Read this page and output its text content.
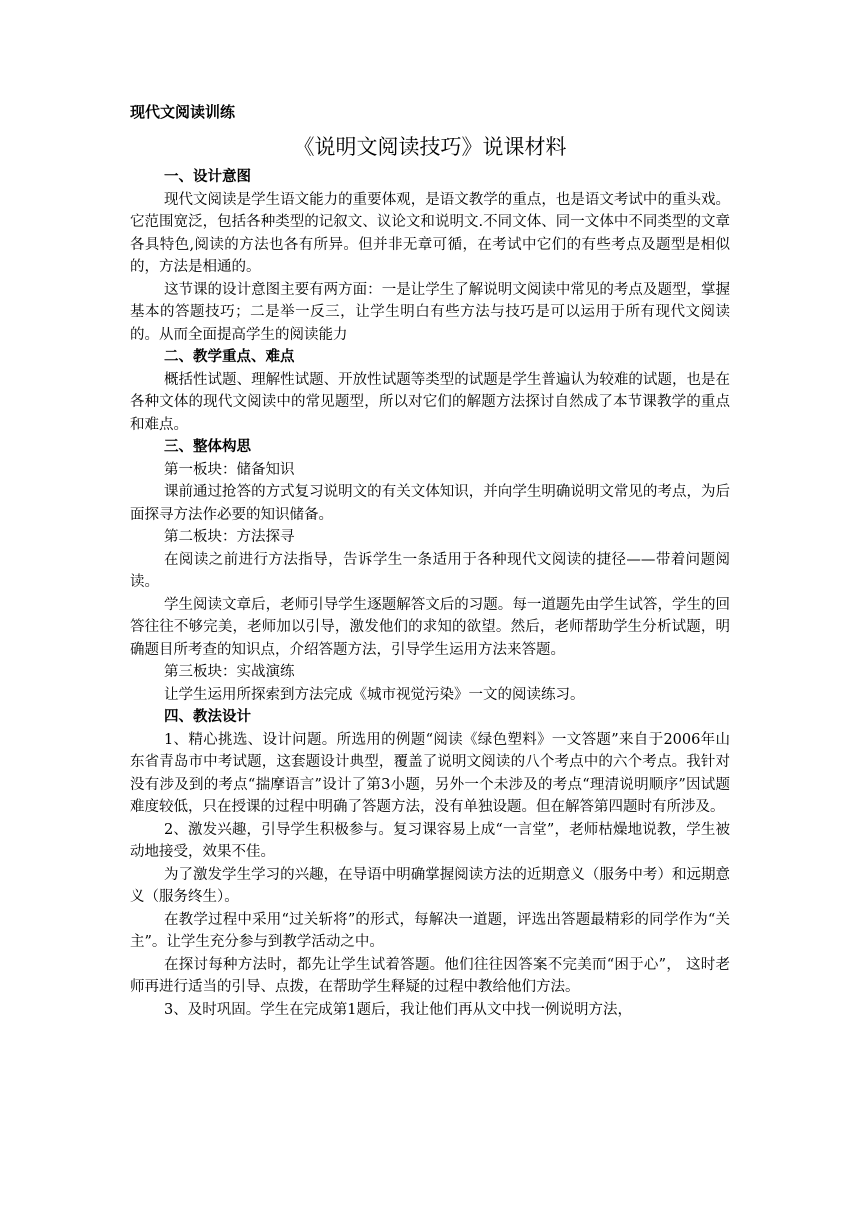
现代文阅读训练
《说明文阅读技巧》说课材料
一、设计意图

现代文阅读是学生语文能力的重要体观，是语文教学的重点，也是语文考试中的重头戏。它范围宽泛，包括各种类型的记叙文、议论文和说明文.不同文体、同一文体中不同类型的文章各具特色,阅读的方法也各有所异。但并非无章可循，在考试中它们的有些考点及题型是相似的，方法是相通的。

这节课的设计意图主要有两方面：一是让学生了解说明文阅读中常见的考点及题型，掌握基本的答题技巧；二是举一反三，让学生明白有些方法与技巧是可以运用于所有现代文阅读的。从而全面提高学生的阅读能力

二、教学重点、难点

概括性试题、理解性试题、开放性试题等类型的试题是学生普遍认为较难的试题，也是在各种文体的现代文阅读中的常见题型，所以对它们的解题方法探讨自然成了本节课教学的重点和难点。

三、整体构思

第一板块：储备知识

课前通过抢答的方式复习说明文的有关文体知识，并向学生明确说明文常见的考点，为后面探寻方法作必要的知识储备。

第二板块：方法探寻

在阅读之前进行方法指导，告诉学生一条适用于各种现代文阅读的捷径——带着问题阅读。

学生阅读文章后，老师引导学生逐题解答文后的习题。每一道题先由学生试答，学生的回答往往不够完美，老师加以引导，激发他们的求知的欲望。然后，老师帮助学生分析试题，明确题目所考查的知识点，介绍答题方法，引导学生运用方法来答题。

第三板块：实战演练

让学生运用所探索到方法完成《城市视觉污染》一文的阅读练习。

四、教法设计

1、精心挑选、设计问题。所选用的例题“阅读《绿色塑料》一文答题”来自于2006年山东省青岛市中考试题，这套题设计典型，覆盖了说明文阅读的八个考点中的六个考点。我针对没有涉及到的考点“揣摩语言”设计了第3小题，另外一个未涉及的考点“理清说明顺序”因试题难度较低，只在授课的过程中明确了答题方法，没有单独设题。但在解答第四题时有所涉及。

2、激发兴趣，引导学生积极参与。复习课容易上成“一言堂”，老师枯燥地说教，学生被动地接受，效果不佳。

为了激发学生学习的兴趣，在导语中明确掌握阅读方法的近期意义（服务中考）和远期意义（服务终生）。

在教学过程中采用“过关斩将”的形式，每解决一道题，评选出答题最精彩的同学作为“关主”。让学生充分参与到教学活动之中。

在探讨每种方法时，都先让学生试着答题。他们往往因答案不完美而“困于心”， 这时老师再进行适当的引导、点拨，在帮助学生释疑的过程中教给他们方法。

3、及时巩固。学生在完成第1题后，我让他们再从文中找一例说明方法，
